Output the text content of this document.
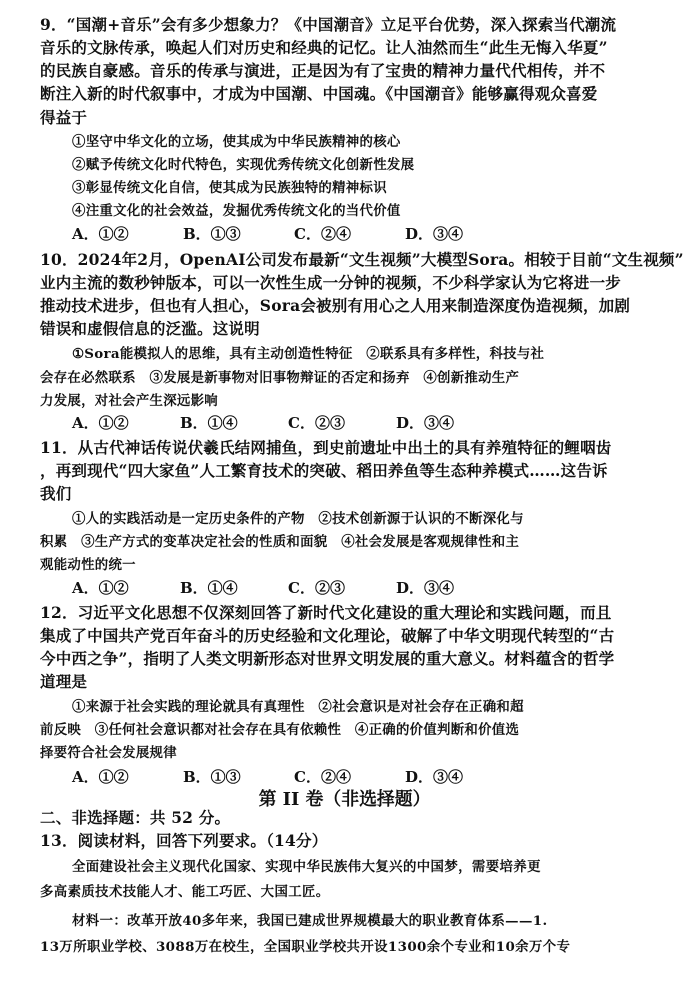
9．“国潮+音乐”会有多少想象力？《中国潮音》立足平台优势，深入探索当代潮流
音乐的文脉传承，唤起人们对历史和经典的记忆。让人油然而生“此生无悔入华夏”
的民族自豪感。音乐的传承与演进，正是因为有了宝贵的精神力量代代相传，并不
断注入新的时代叙事中，才成为中国潮、中国魂。《中国潮音》能够赢得观众喜爱
得益于
①坚守中华文化的立场，使其成为中华民族精神的核心
②赋予传统文化时代特色，实现优秀传统文化创新性发展
③彰显传统文化自信，使其成为民族独特的精神标识
④注重文化的社会效益，发掘优秀传统文化的当代价值
A．①②	B．①③	C．②④	D．③④
10．2024年2月，OpenAI公司发布最新“文生视频”大模型Sora。相较于目前“文生视频”
业内主流的数秒钟版本，可以一次性生成一分钟的视频，不少科学家认为它将进一步
推动技术进步，但也有人担心，Sora会被别有用心之人用来制造深度伪造视频，加剧
错误和虚假信息的泛滥。这说明
①Sora能模拟人的思维，具有主动创造性特征　②联系具有多样性，科技与社
会存在必然联系　③发展是新事物对旧事物辩证的否定和扬弃　④创新推动生产
力发展，对社会产生深远影响
A．①②	B．①④	C．②③	D．③④
11．从古代神话传说伏羲氏结网捕鱼，到史前遗址中出土的具有养殖特征的鲤咽齿
，再到现代“四大家鱼”人工繁育技术的突破、稻田养鱼等生态种养模式……这告诉
我们
①人的实践活动是一定历史条件的产物　②技术创新源于认识的不断深化与
积累　③生产方式的变革决定社会的性质和面貌　④社会发展是客观规律性和主
观能动性的统一
A．①②	B．①④	C．②③	D．③④
12．习近平文化思想不仅深刻回答了新时代文化建设的重大理论和实践问题，而且
集成了中国共产党百年奋斗的历史经验和文化理论，破解了中华文明现代转型的“古
今中西之争”，指明了人类文明新形态对世界文明发展的重大意义。材料蕴含的哲学
道理是
①来源于社会实践的理论就具有真理性　②社会意识是对社会存在正确和超
前反映　③任何社会意识都对社会存在具有依赖性　④正确的价值判断和价值选
择要符合社会发展规律
A．①②	B．①③	C．②④	D．③④
第 II 卷（非选择题）
二、非选择题：共 52 分。
13．阅读材料，回答下列要求。（14分）
全面建设社会主义现代化国家、实现中华民族伟大复兴的中国梦，需要培养更
多高素质技术技能人才、能工巧匠、大国工匠。
材料一：改革开放40多年来，我国已建成世界规模最大的职业教育体系——1.
13万所职业学校、3088万在校生，全国职业学校共开设1300余个专业和10余万个专
